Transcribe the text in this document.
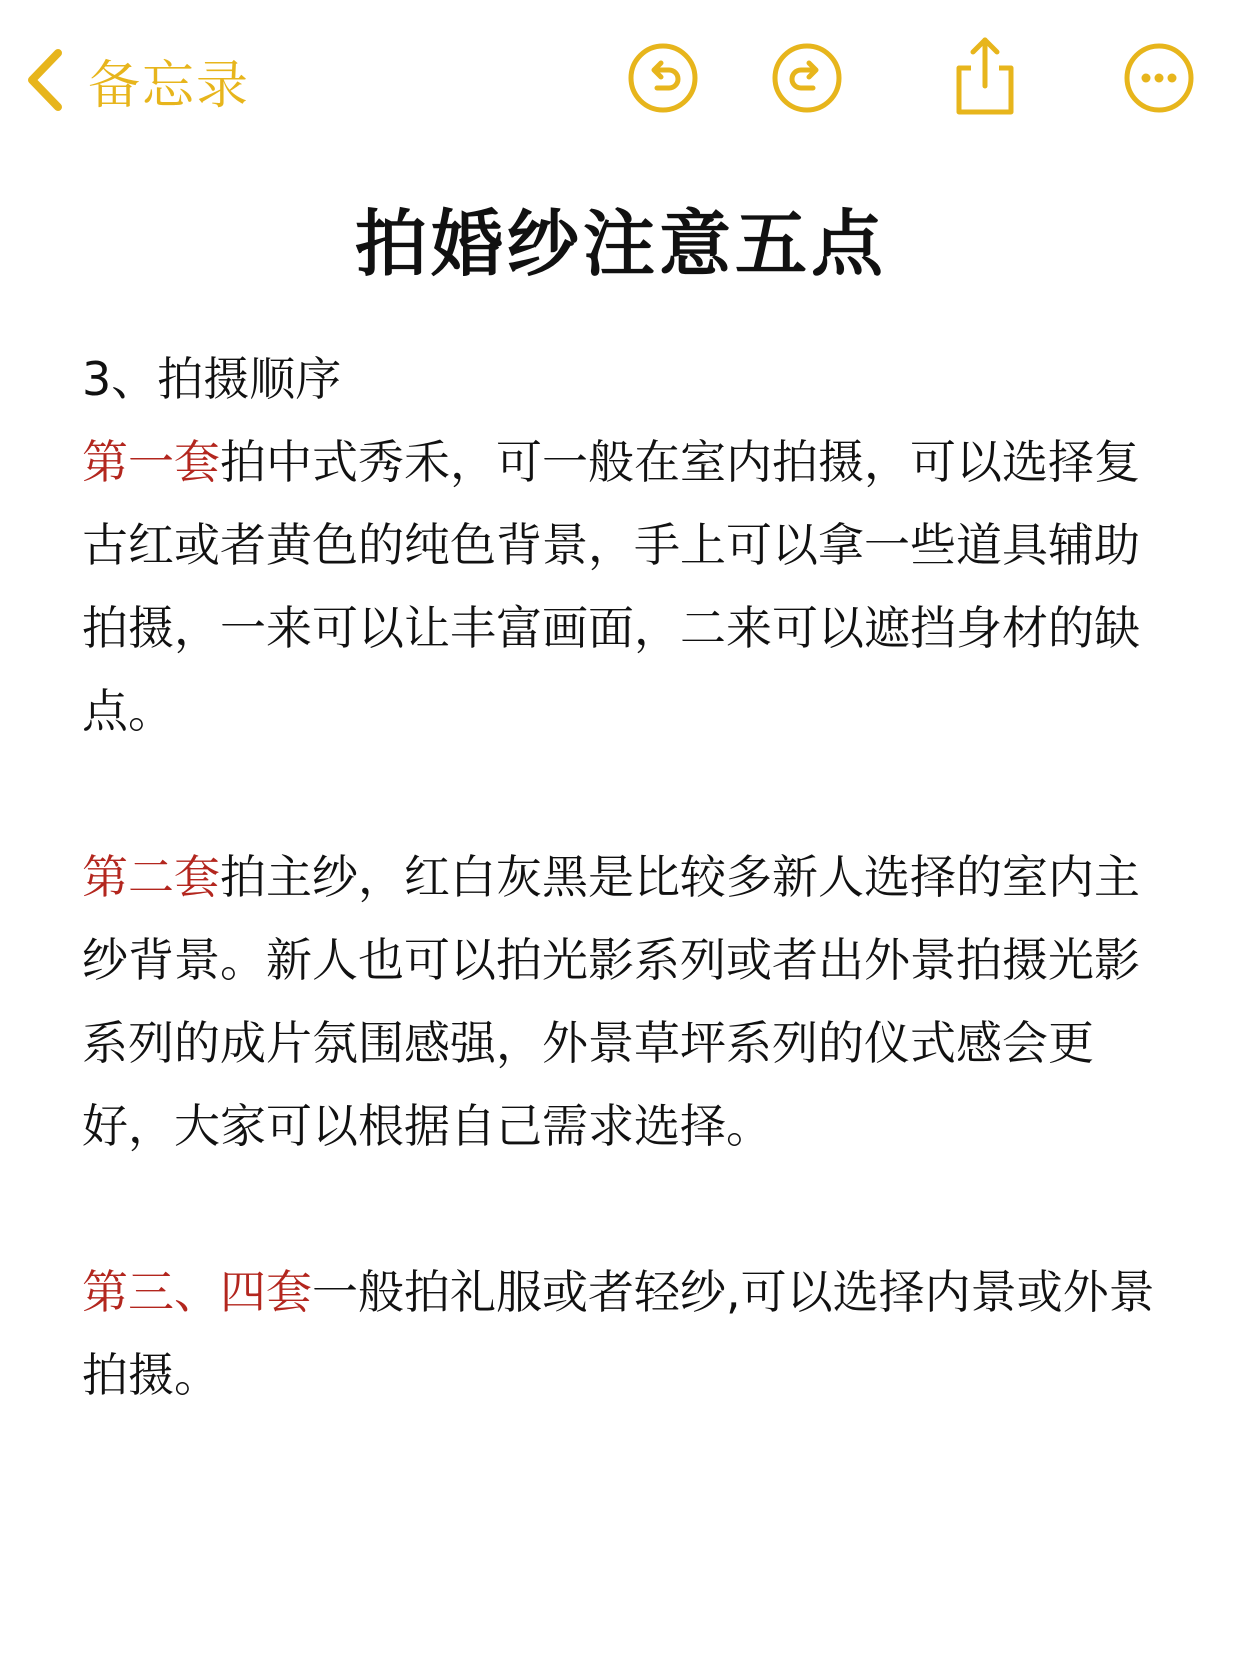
备忘录
拍婚纱注意五点

3、拍摄顺序

第一套拍中式秀禾，可一般在室内拍摄，可以选择复古红或者黄色的纯色背景，手上可以拿一些道具辅助拍摄，一来可以让丰富画面，二来可以遮挡身材的缺点。

第二套拍主纱，红白灰黑是比较多新人选择的室内主纱背景。新人也可以拍光影系列或者出外景拍摄光影系列的成片氛围感强，外景草坪系列的仪式感会更好，大家可以根据自己需求选择。

第三、四套一般拍礼服或者轻纱,可以选择内景或外景拍摄。
